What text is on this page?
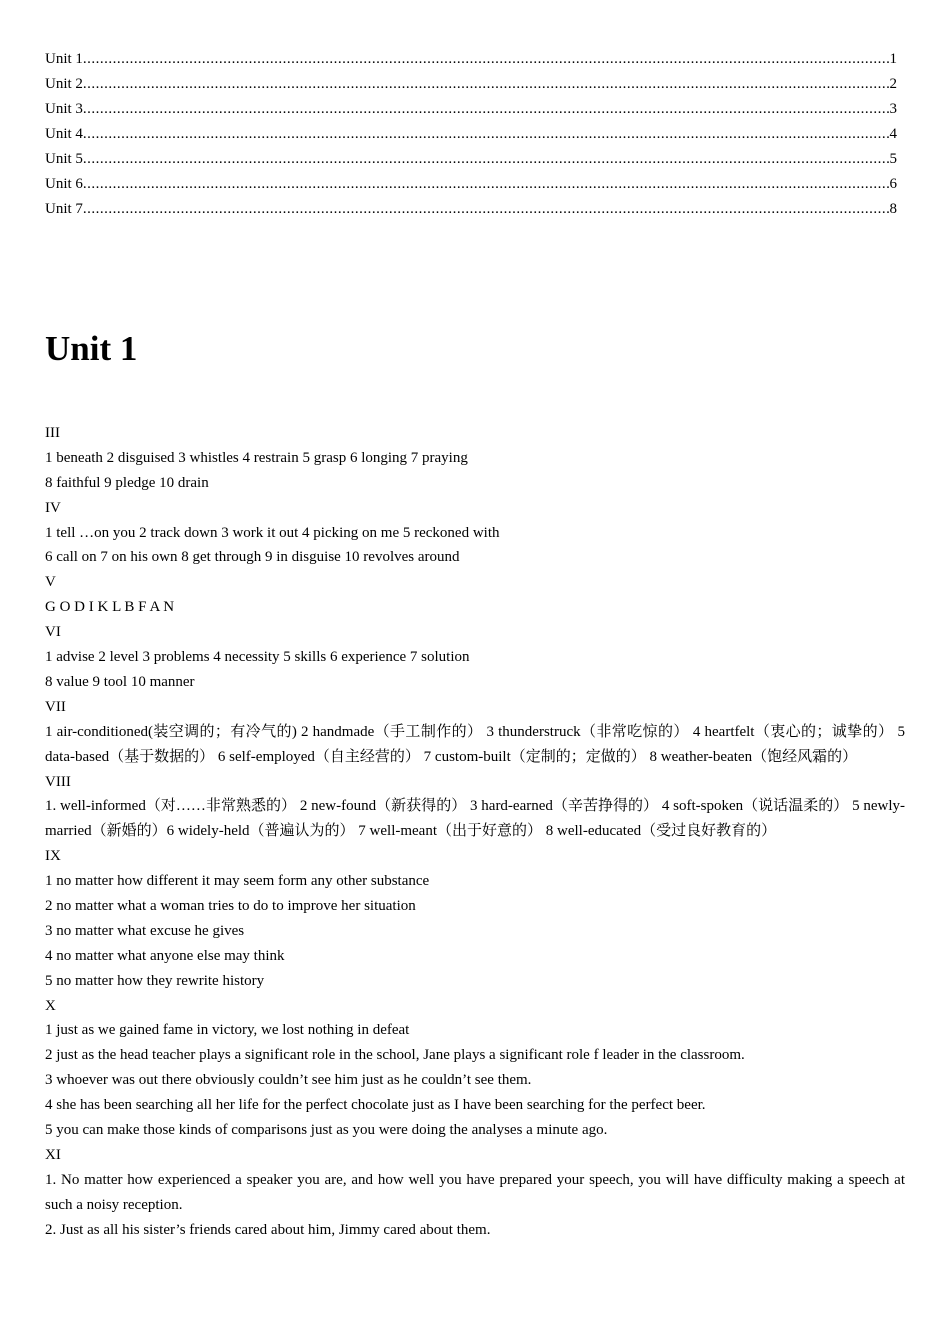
Unit 1 .....	1
Unit 2 .....	2
Unit 3 .....	3
Unit 4 .....	4
Unit 5 .....	5
Unit 6 .....	6
Unit 7 .....	8
Unit 1
III
1 beneath 2 disguised 3 whistles 4 restrain 5 grasp 6 longing 7 praying
8 faithful 9 pledge 10 drain
IV
1 tell …on you 2 track down 3 work it out 4 picking on me 5 reckoned with
6 call on 7 on his own 8 get through 9 in disguise 10 revolves around
V
G O D I K L B F A N
VI
1 advise 2 level 3 problems 4 necessity 5 skills 6 experience 7 solution
8 value 9 tool 10 manner
VII
1 air-conditioned(装空调的；有冷气的) 2 handmade（手工制作的） 3 thunderstruck（非常吃惊的） 4 heartfelt（衷心的；诚挚的） 5 data-based（基于数据的） 6 self-employed（自主经营的） 7 custom-built（定制的；定做的） 8 weather-beaten（饱经风霜的）
VIII
1. well-informed（对……非常熟悉的） 2 new-found（新获得的） 3 hard-earned（辛苦挣得的） 4 soft-spoken（说话温柔的） 5 newly-married（新婚的）6 widely-held（普遍认为的） 7 well-meant（出于好意的） 8 well-educated（受过良好教育的）
IX
1 no matter how different it may seem form any other substance
2 no matter what a woman tries to do to improve her situation
3 no matter what excuse he gives
4 no matter what anyone else may think
5 no matter how they rewrite history
X
1 just as we gained fame in victory, we lost nothing in defeat
2 just as the head teacher plays a significant role in the school, Jane plays a significant role f leader in the classroom.
3 whoever was out there obviously couldn’t see him just as he couldn’t see them.
4 she has been searching all her life for the perfect chocolate just as I have been searching for the perfect beer.
5 you can make those kinds of comparisons just as you were doing the analyses a minute ago.
XI
1. No matter how experienced a speaker you are, and how well you have prepared your speech, you will have difficulty making a speech at such a noisy reception.
2. Just as all his sister’s friends cared about him, Jimmy cared about them.
